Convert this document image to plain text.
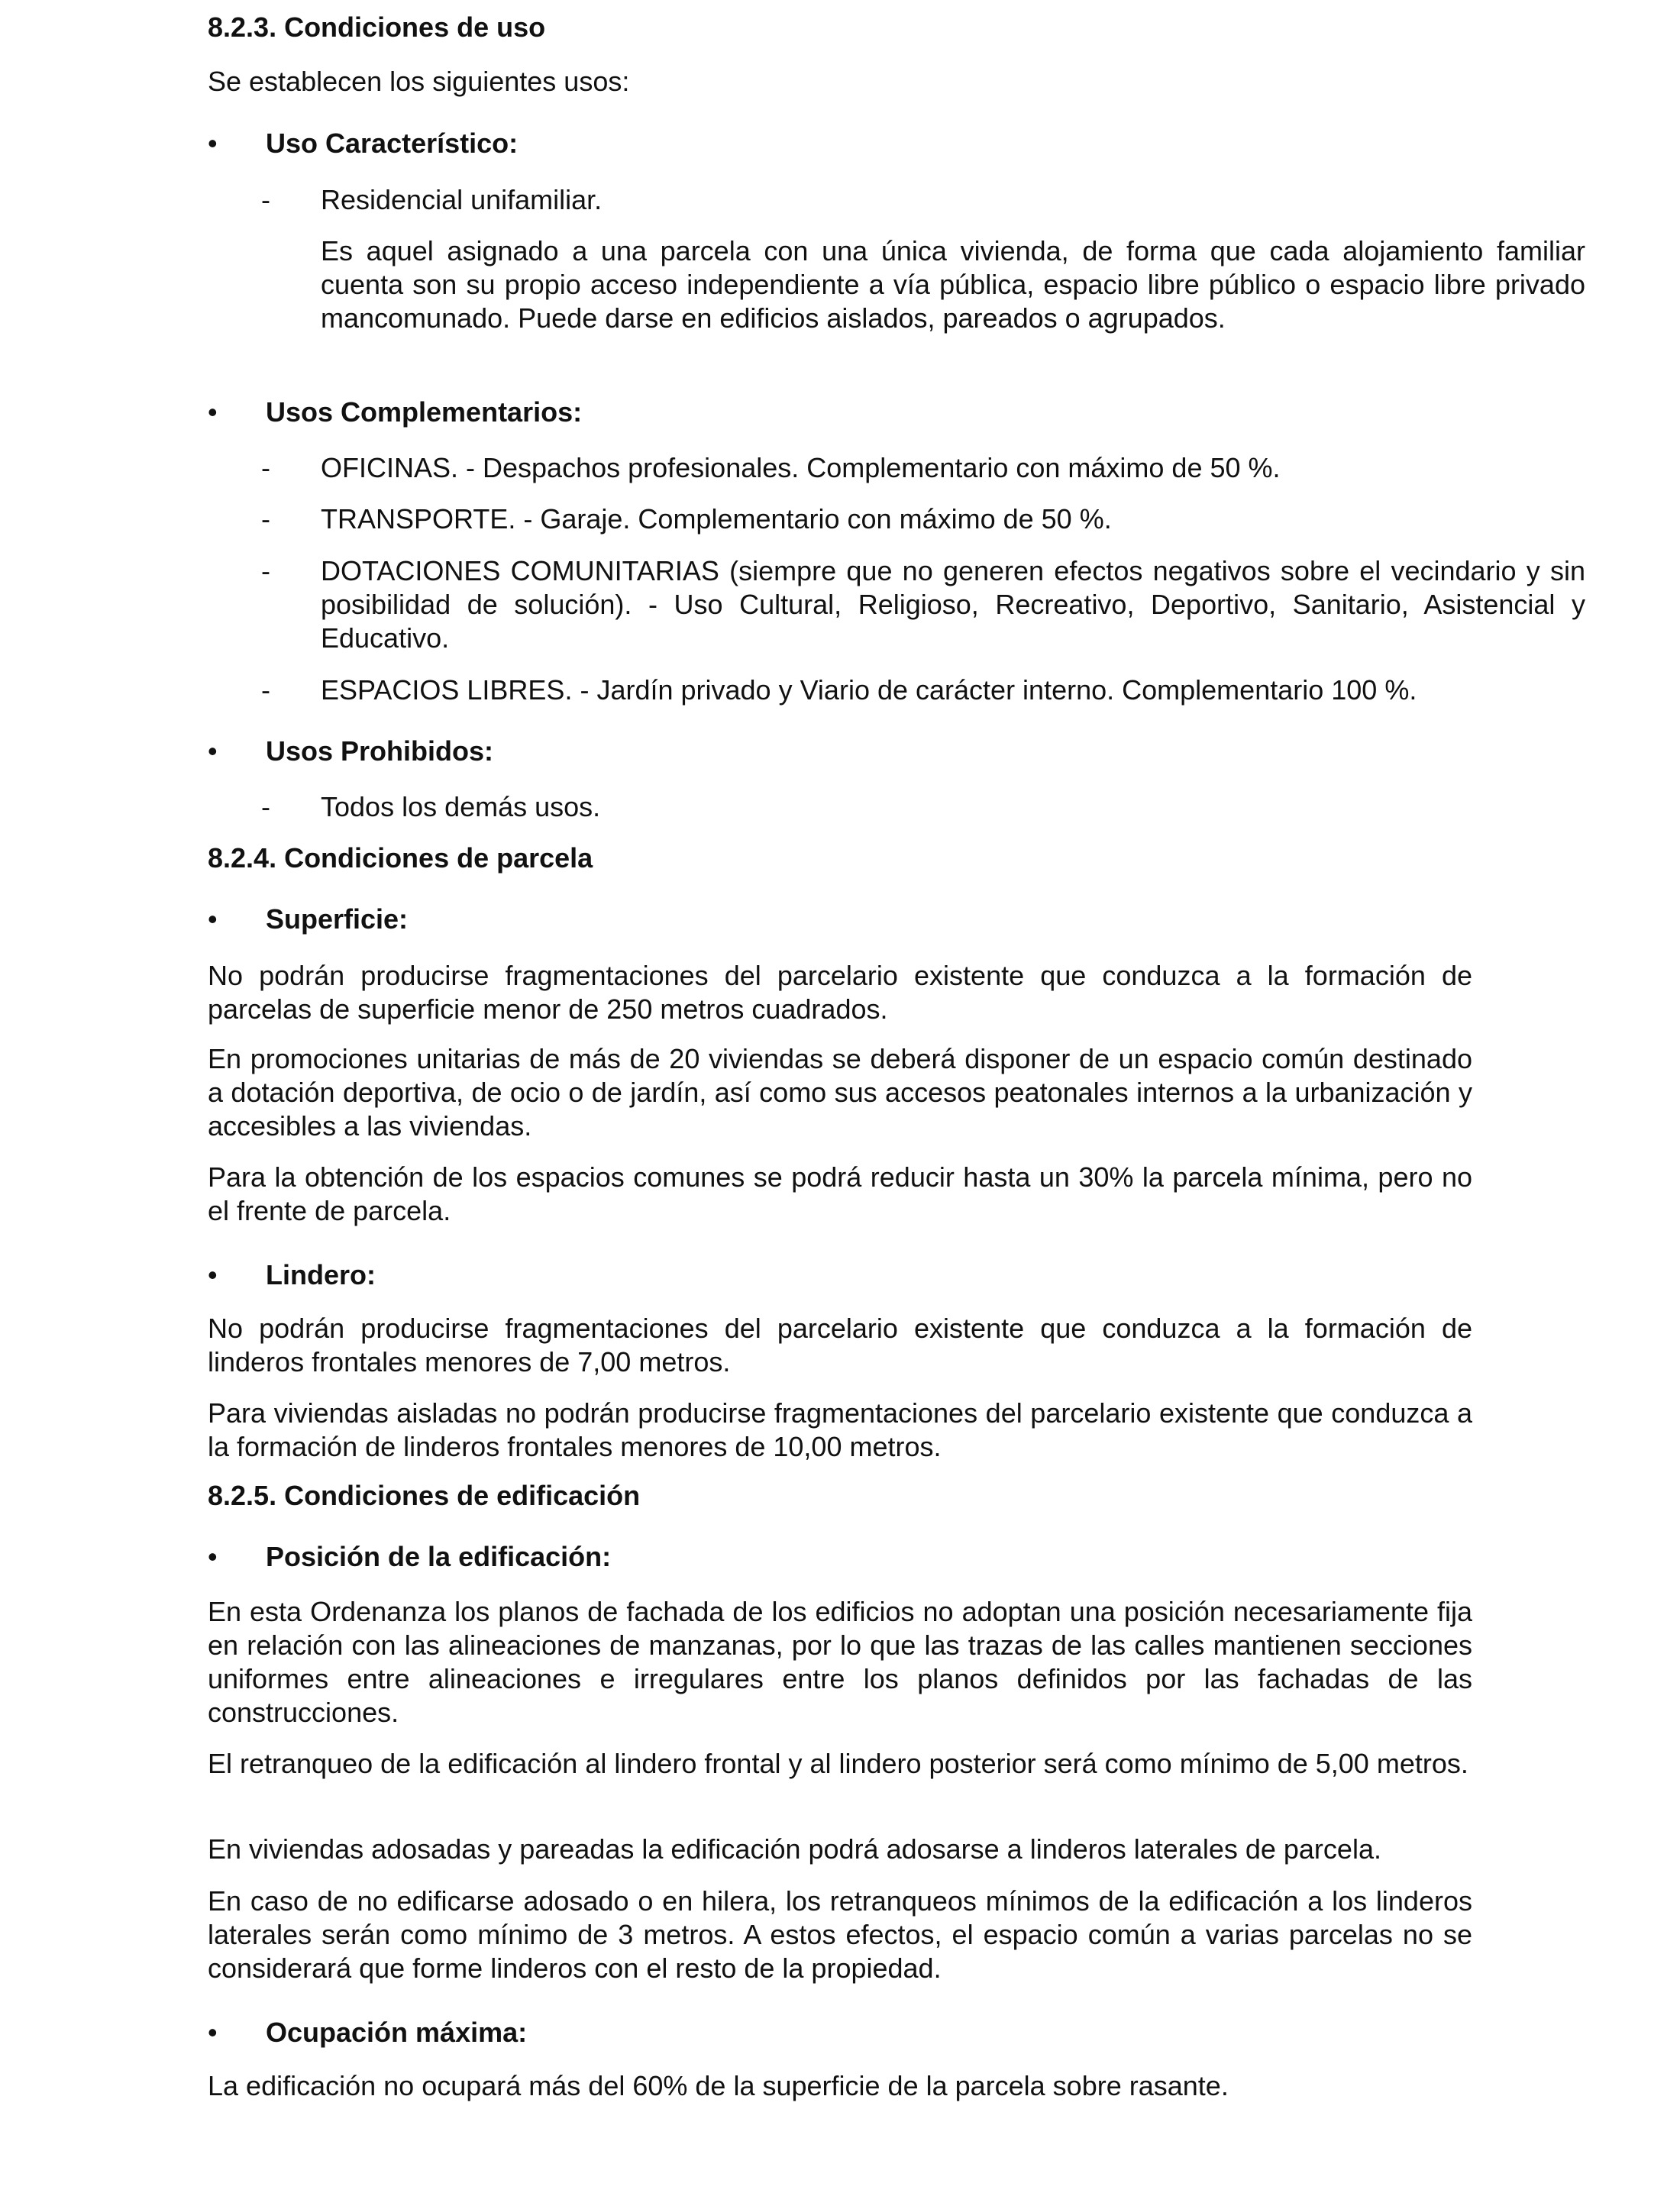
8.2.3. Condiciones de uso

Se establecen los siguientes usos:

•	Uso Característico:
- Residencial unifamiliar.

Es aquel asignado a una parcela con una única vivienda, de forma que cada alojamiento familiar cuenta son su propio acceso independiente a vía pública, espacio libre público o espacio libre privado mancomunado. Puede darse en edificios aislados, pareados o agrupados.

•	Usos Complementarios:
- OFICINAS. - Despachos profesionales. Complementario con máximo de 50 %.
- TRANSPORTE. - Garaje. Complementario con máximo de 50 %.
- DOTACIONES COMUNITARIAS (siempre que no generen efectos negativos sobre el vecindario y sin posibilidad de solución). - Uso Cultural, Religioso, Recreativo, Deportivo, Sanitario, Asistencial y Educativo.
- ESPACIOS LIBRES. - Jardín privado y Viario de carácter interno. Complementario 100 %.
•	Usos Prohibidos:
- Todos los demás usos.
8.2.4. Condiciones de parcela
•	Superficie:

No podrán producirse fragmentaciones del parcelario existente que conduzca a la formación de parcelas de superficie menor de 250 metros cuadrados.

En promociones unitarias de más de 20 viviendas se deberá disponer de un espacio común destinado a dotación deportiva, de ocio o de jardín, así como sus accesos peatonales internos a la urbanización y accesibles a las viviendas.

Para la obtención de los espacios comunes se podrá reducir hasta un 30% la parcela mínima, pero no el frente de parcela.

•	Lindero:

No podrán producirse fragmentaciones del parcelario existente que conduzca a la formación de linderos frontales menores de 7,00 metros.

Para viviendas aisladas no podrán producirse fragmentaciones del parcelario existente que conduzca a la formación de linderos frontales menores de 10,00 metros.

8.2.5. Condiciones de edificación
•	Posición de la edificación:

En esta Ordenanza los planos de fachada de los edificios no adoptan una posición necesariamente fija en relación con las alineaciones de manzanas, por lo que las trazas de las calles mantienen secciones uniformes entre alineaciones e irregulares entre los planos definidos por las fachadas de las construcciones.

El retranqueo de la edificación al lindero frontal y al lindero posterior será como mínimo de 5,00 metros.

En viviendas adosadas y pareadas la edificación podrá adosarse a linderos laterales de parcela.

En caso de no edificarse adosado o en hilera, los retranqueos mínimos de la edificación a los linderos laterales serán como mínimo de 3 metros. A estos efectos, el espacio común a varias parcelas no se considerará que forme linderos con el resto de la propiedad.

•	Ocupación máxima:

La edificación no ocupará más del 60% de la superficie de la parcela sobre rasante.
